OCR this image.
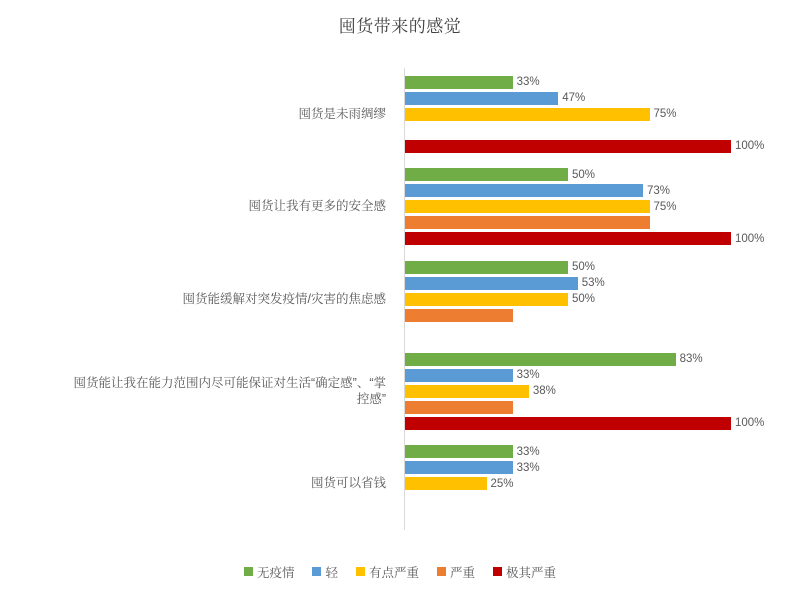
囤货带来的感觉
33%
47%
75%
100%
50%
73%
75%
100%
50%
53%
50%
83%
33%
38%
100%
33%
33%
25%
无疫情 轻 有点严重 严重 极其严重
囤货是未雨绸缪
囤货让我有更多的安全感
囤货能缓解对突发疫情/灾害的焦虑感
囤货能让我在能力范围内尽可能保证对生活“确定感”、“掌控感”
囤货可以省钱
